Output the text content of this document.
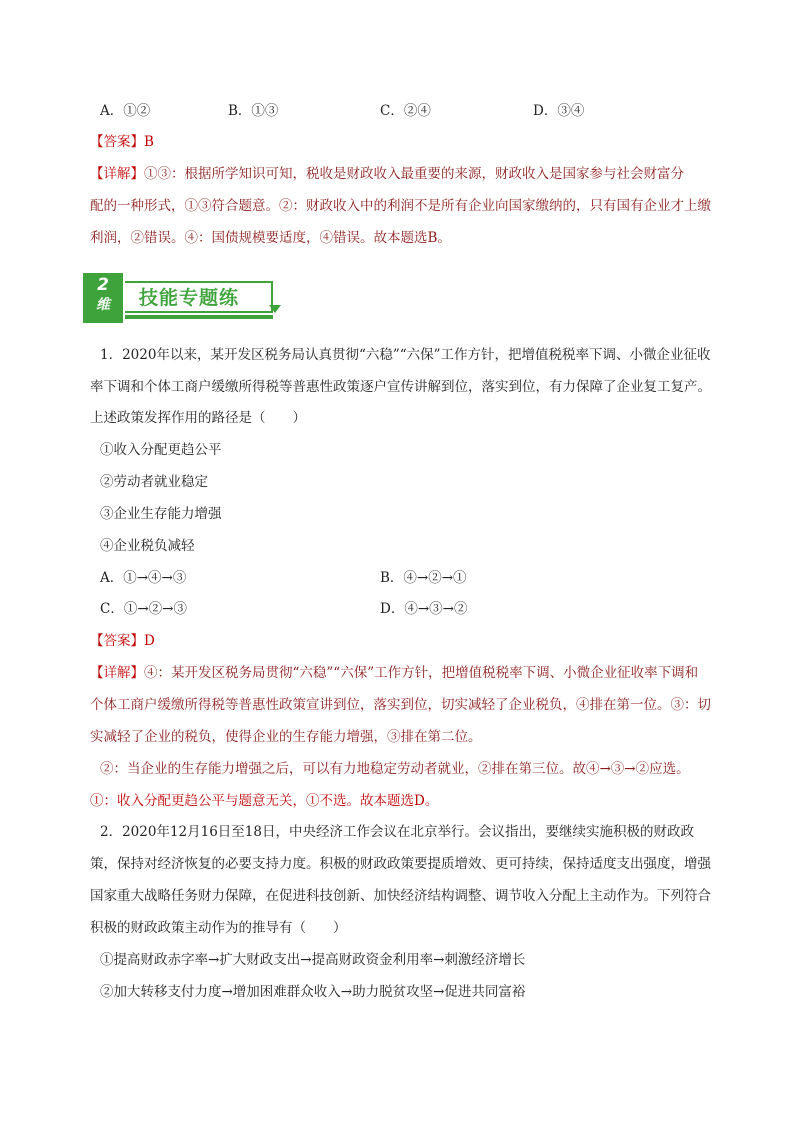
A．①②	B．①③	C．②④	D．③④
【答案】B
【详解】①③：根据所学知识可知，税收是财政收入最重要的来源，财政收入是国家参与社会财富分
配的一种形式，①③符合题意。②：财政收入中的利润不是所有企业向国家缴纳的，只有国有企业才上缴
利润，②错误。④：国债规模要适度，④错误。故本题选B。
2
维	技能专题练
1．2020年以来，某开发区税务局认真贯彻“六稳”“六保”工作方针，把增值税税率下调、小微企业征收
率下调和个体工商户缓缴所得税等普惠性政策逐户宣传讲解到位，落实到位，有力保障了企业复工复产。
上述政策发挥作用的路径是（　　）
①收入分配更趋公平
②劳动者就业稳定
③企业生存能力增强
④企业税负减轻
A．①→④→③	B．④→②→①
C．①→②→③	D．④→③→②
【答案】D
【详解】④：某开发区税务局贯彻“六稳”“六保”工作方针，把增值税税率下调、小微企业征收率下调和
个体工商户缓缴所得税等普惠性政策宣讲到位，落实到位，切实减轻了企业税负，④排在第一位。③：切
实减轻了企业的税负，使得企业的生存能力增强，③排在第二位。
②：当企业的生存能力增强之后，可以有力地稳定劳动者就业，②排在第三位。故④→③→②应选。
①：收入分配更趋公平与题意无关，①不选。故本题选D。
2．2020年12月16日至18日，中央经济工作会议在北京举行。会议指出，要继续实施积极的财政政
策，保持对经济恢复的必要支持力度。积极的财政政策要提质增效、更可持续，保持适度支出强度，增强
国家重大战略任务财力保障，在促进科技创新、加快经济结构调整、调节收入分配上主动作为。下列符合
积极的财政政策主动作为的推导有（　　）
①提高财政赤字率→扩大财政支出→提高财政资金利用率→刺激经济增长
②加大转移支付力度→增加困难群众收入→助力脱贫攻坚→促进共同富裕
